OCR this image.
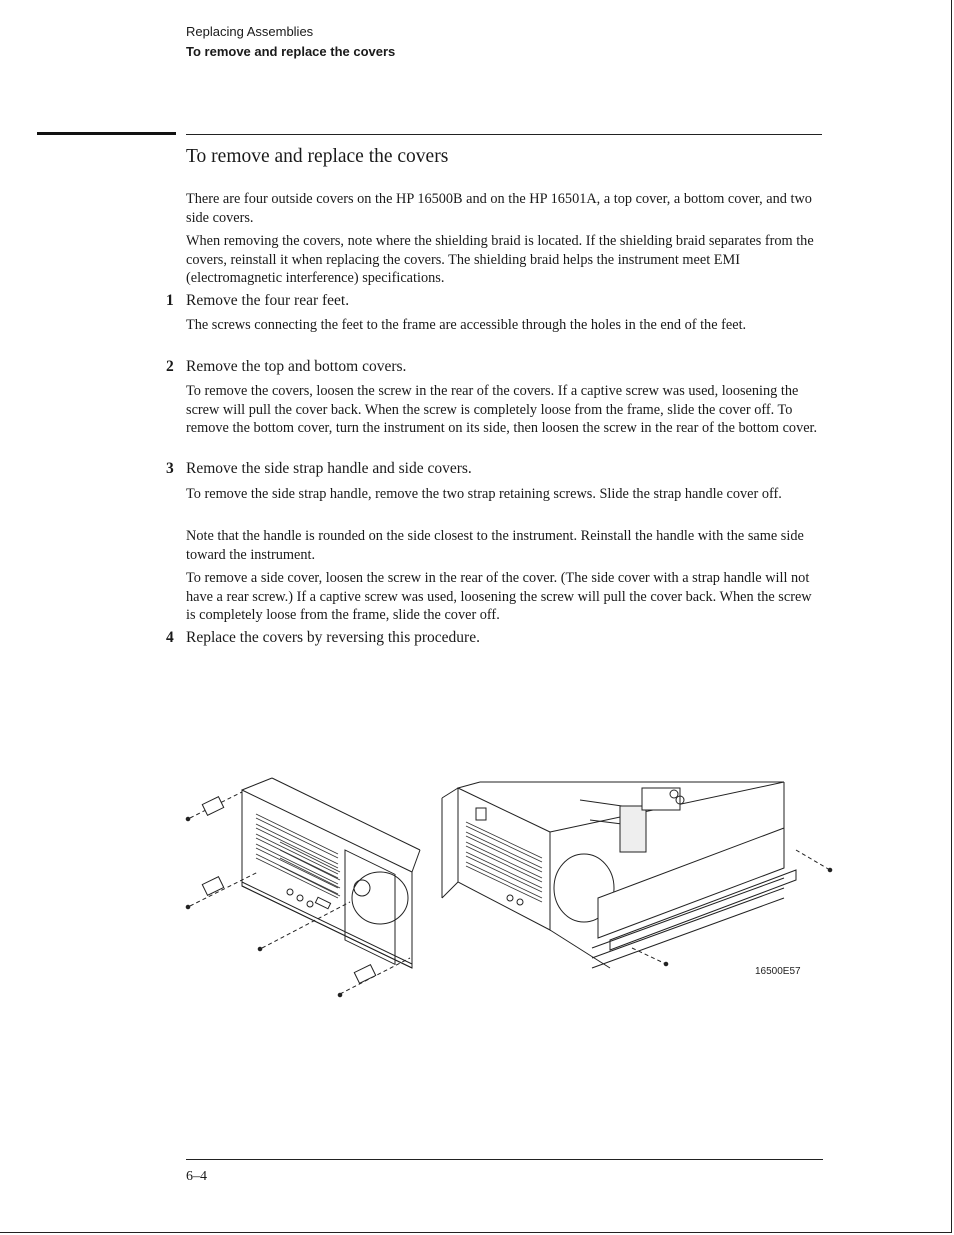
Replacing Assemblies
To remove and replace the covers
To remove and replace the covers
There are four outside covers on the HP 16500B and on the HP 16501A, a top cover, a bottom cover, and two side covers.
When removing the covers, note where the shielding braid is located. If the shielding braid separates from the covers, reinstall it when replacing the covers. The shielding braid helps the instrument meet EMI (electromagnetic interference) specifications.
1 Remove the four rear feet.
The screws connecting the feet to the frame are accessible through the holes in the end of the feet.
2 Remove the top and bottom covers.
To remove the covers, loosen the screw in the rear of the covers. If a captive screw was used, loosening the screw will pull the cover back. When the screw is completely loose from the frame, slide the cover off. To remove the bottom cover, turn the instrument on its side, then loosen the screw in the rear of the bottom cover.
3 Remove the side strap handle and side covers.
To remove the side strap handle, remove the two strap retaining screws. Slide the strap handle cover off.
Note that the handle is rounded on the side closest to the instrument. Reinstall the handle with the same side toward the instrument.
To remove a side cover, loosen the screw in the rear of the cover. (The side cover with a strap handle will not have a rear screw.) If a captive screw was used, loosening the screw will pull the cover back. When the screw is completely loose from the frame, slide the cover off.
4 Replace the covers by reversing this procedure.
16500E57
6–4
